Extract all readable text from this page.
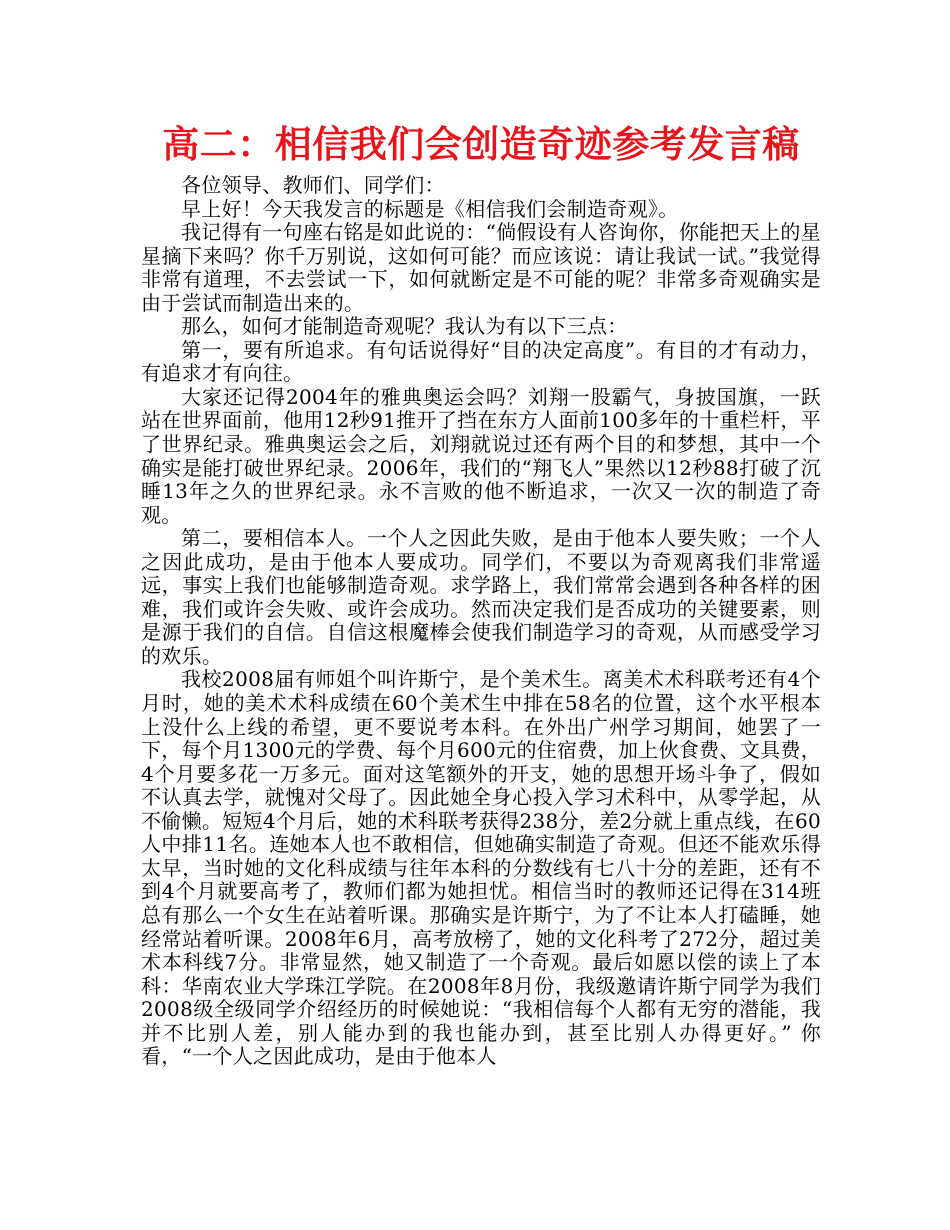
高二：相信我们会创造奇迹参考发言稿

各位领导、教师们、同学们：

早上好！今天我发言的标题是《相信我们会制造奇观》。

我记得有一句座右铭是如此说的：“倘假设有人咨询你，你能把天上的星星摘下来吗？你千万别说，这如何可能？而应该说：请让我试一试。”我觉得非常有道理，不去尝试一下，如何就断定是不可能的呢？非常多奇观确实是由于尝试而制造出来的。

那么，如何才能制造奇观呢？我认为有以下三点：

第一，要有所追求。有句话说得好“目的决定高度”。有目的才有动力，有追求才有向往。

大家还记得2004年的雅典奥运会吗？刘翔一股霸气，身披国旗，一跃站在世界面前，他用12秒91推开了挡在东方人面前100多年的十重栏杆，平了世界纪录。雅典奥运会之后，刘翔就说过还有两个目的和梦想，其中一个确实是能打破世界纪录。2006年，我们的“翔飞人”果然以12秒88打破了沉睡13年之久的世界纪录。永不言败的他不断追求，一次又一次的制造了奇观。

第二，要相信本人。一个人之因此失败，是由于他本人要失败；一个人之因此成功，是由于他本人要成功。同学们，不要以为奇观离我们非常遥远，事实上我们也能够制造奇观。求学路上，我们常常会遇到各种各样的困难，我们或许会失败、或许会成功。然而决定我们是否成功的关键要素，则是源于我们的自信。自信这根魔棒会使我们制造学习的奇观，从而感受学习的欢乐。

我校2008届有师姐个叫许斯宁，是个美术生。离美术术科联考还有4个月时，她的美术术科成绩在60个美术生中排在58名的位置，这个水平根本上没什么上线的希望，更不要说考本科。在外出广州学习期间，她罢了一下，每个月1300元的学费、每个月600元的住宿费，加上伙食费、文具费，4个月要多花一万多元。面对这笔额外的开支，她的思想开场斗争了，假如不认真去学，就愧对父母了。因此她全身心投入学习术科中，从零学起，从不偷懒。短短4个月后，她的术科联考获得238分，差2分就上重点线，在60人中排11名。连她本人也不敢相信，但她确实制造了奇观。但还不能欢乐得太早，当时她的文化科成绩与往年本科的分数线有七八十分的差距，还有不到4个月就要高考了，教师们都为她担忧。相信当时的教师还记得在314班总有那么一个女生在站着听课。那确实是许斯宁，为了不让本人打磕睡，她经常站着听课。2008年6月，高考放榜了，她的文化科考了272分，超过美术本科线7分。非常显然，她又制造了一个奇观。最后如愿以偿的读上了本科：华南农业大学珠江学院。在2008年8月份，我级邀请许斯宁同学为我们2008级全级同学介绍经历的时候她说：“我相信每个人都有无穷的潜能，我并不比别人差，别人能办到的我也能办到，甚至比别人办得更好。” 你看，“一个人之因此成功，是由于他本人
